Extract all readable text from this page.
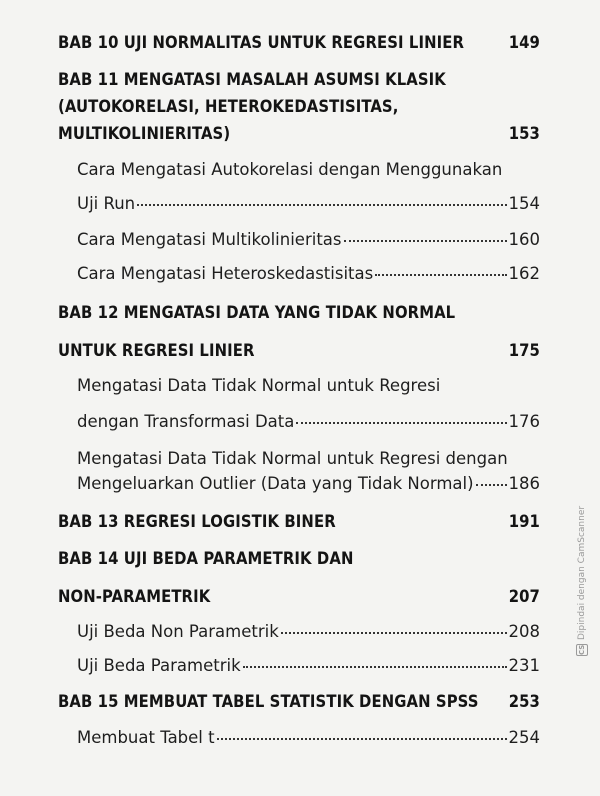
BAB 10 UJI NORMALITAS UNTUK REGRESI LINIER	149
BAB 11 MENGATASI MASALAH ASUMSI KLASIK
(AUTOKORELASI, HETEROKEDASTISITAS,
MULTIKOLINIERITAS)	153
Cara Mengatasi Autokorelasi dengan Menggunakan
Uji Run	154
Cara Mengatasi Multikolinieritas	160
Cara Mengatasi Heteroskedastisitas	162
BAB 12 MENGATASI DATA YANG TIDAK NORMAL
UNTUK REGRESI LINIER	175
Mengatasi Data Tidak Normal untuk Regresi
dengan Transformasi Data	176
Mengatasi Data Tidak Normal untuk Regresi dengan
Mengeluarkan Outlier (Data yang Tidak Normal) 186
BAB 13 REGRESI LOGISTIK BINER	191
BAB 14 UJI BEDA PARAMETRIK DAN
NON-PARAMETRIK	207
Uji Beda Non Parametrik	208
Uji Beda Parametrik	231
BAB 15 MEMBUAT TABEL STATISTIK DENGAN SPSS 253
Membuat Tabel t	254
CS
Dipindai dengan CamScanner
